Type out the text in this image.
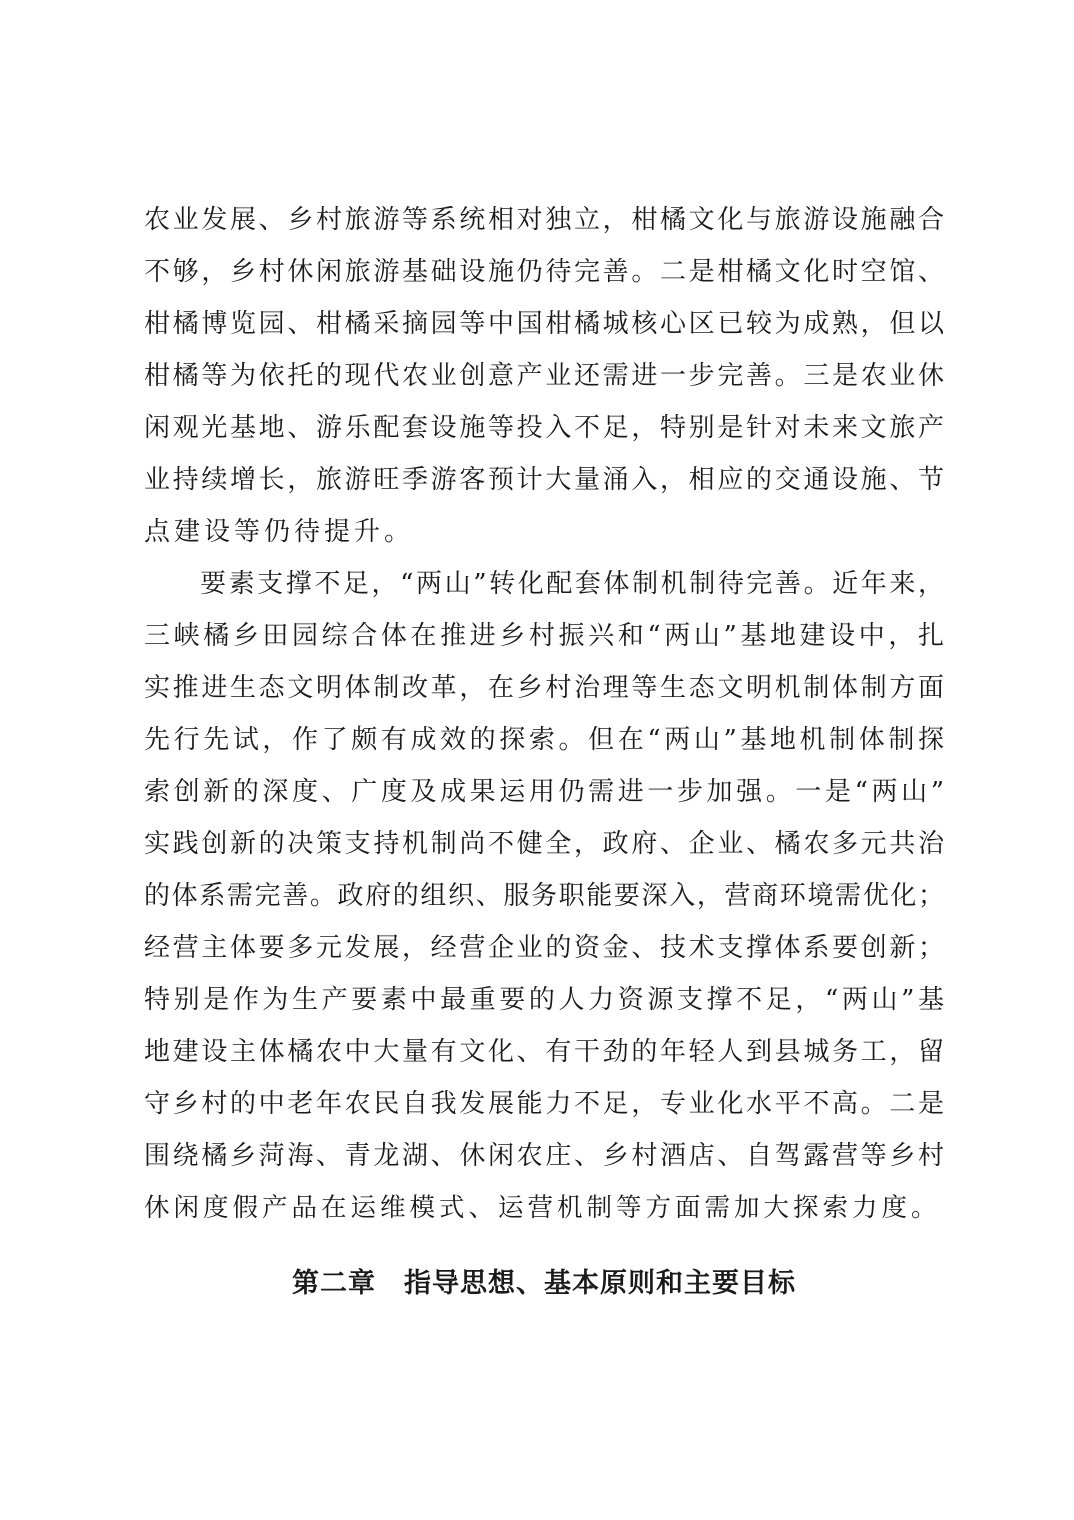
农业发展、乡村旅游等系统相对独立，柑橘文化与旅游设施融合
不够，乡村休闲旅游基础设施仍待完善。二是柑橘文化时空馆、
柑橘博览园、柑橘采摘园等中国柑橘城核心区已较为成熟，但以
柑橘等为依托的现代农业创意产业还需进一步完善。三是农业休
闲观光基地、游乐配套设施等投入不足，特别是针对未来文旅产
业持续增长，旅游旺季游客预计大量涌入，相应的交通设施、节
点建设等仍待提升。
要素支撑不足，“两山”转化配套体制机制待完善。近年来，
三峡橘乡田园综合体在推进乡村振兴和“两山”基地建设中，扎
实推进生态文明体制改革，在乡村治理等生态文明机制体制方面
先行先试，作了颇有成效的探索。但在“两山”基地机制体制探
索创新的深度、广度及成果运用仍需进一步加强。一是“两山”
实践创新的决策支持机制尚不健全，政府、企业、橘农多元共治
的体系需完善。政府的组织、服务职能要深入，营商环境需优化；
经营主体要多元发展，经营企业的资金、技术支撑体系要创新；
特别是作为生产要素中最重要的人力资源支撑不足，“两山”基
地建设主体橘农中大量有文化、有干劲的年轻人到县城务工，留
守乡村的中老年农民自我发展能力不足，专业化水平不高。二是
围绕橘乡菏海、青龙湖、休闲农庄、乡村酒店、自驾露营等乡村
休闲度假产品在运维模式、运营机制等方面需加大探索力度。
第二章　指导思想、基本原则和主要目标
